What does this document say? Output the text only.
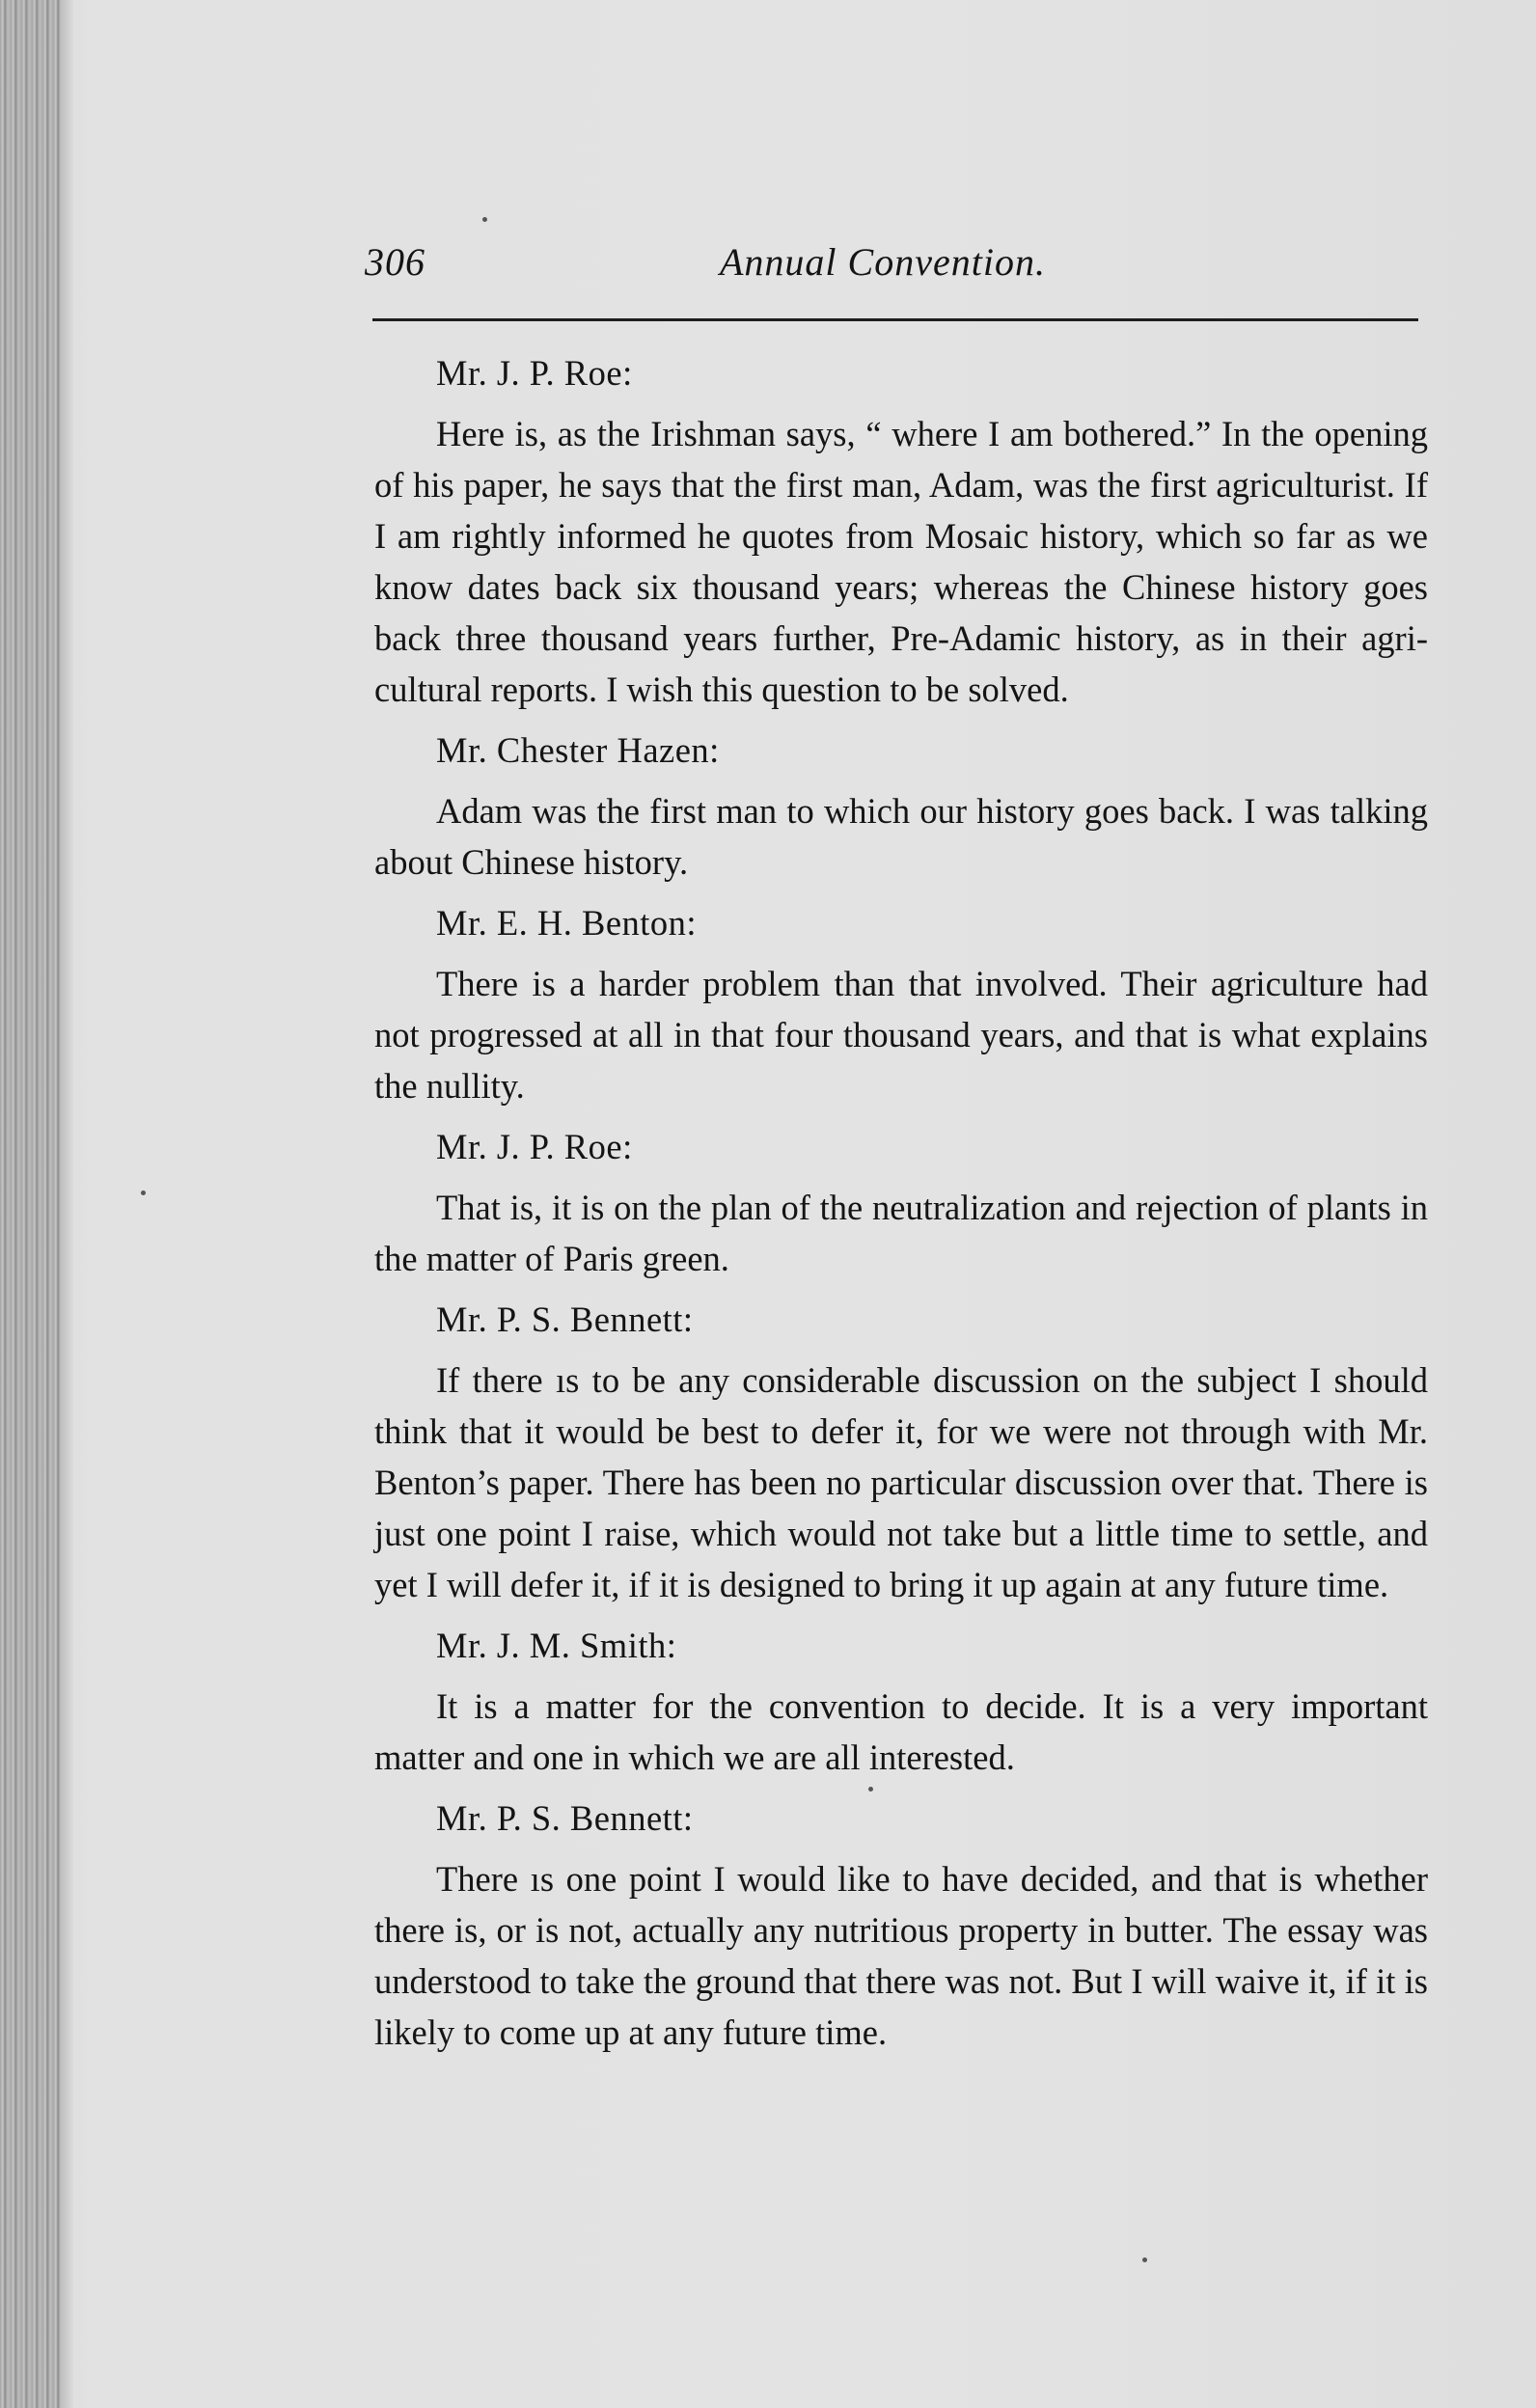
306	Annual Convention.
Mr. J. P. Roe:
Here is, as the Irishman says, “ where I am bothered.” In the opening of his paper, he says that the first man, Adam, was the first agriculturist. If I am rightly informed he quotes from Mosaic history, which so far as we know dates back six thousand years; whereas the Chinese history goes back three thousand years further, Pre-Adamic history, as in their agri-cultural reports. I wish this question to be solved.
Mr. Chester Hazen:
Adam was the first man to which our history goes back. I was talking about Chinese history.
Mr. E. H. Benton:
There is a harder problem than that involved. Their agriculture had not progressed at all in that four thousand years, and that is what explains the nullity.
Mr. J. P. Roe:
That is, it is on the plan of the neutralization and rejection of plants in the matter of Paris green.
Mr. P. S. Bennett:
If there ıs to be any considerable discussion on the subject I should think that it would be best to defer it, for we were not through with Mr. Benton’s paper. There has been no particular discussion over that. There is just one point I raise, which would not take but a little time to settle, and yet I will defer it, if it is designed to bring it up again at any future time.
Mr. J. M. Smith:
It is a matter for the convention to decide. It is a very important matter and one in which we are all interested.
Mr. P. S. Bennett:
There ıs one point I would like to have decided, and that is whether there is, or is not, actually any nutritious property in butter. The essay was understood to take the ground that there was not. But I will waive it, if it is likely to come up at any future time.
